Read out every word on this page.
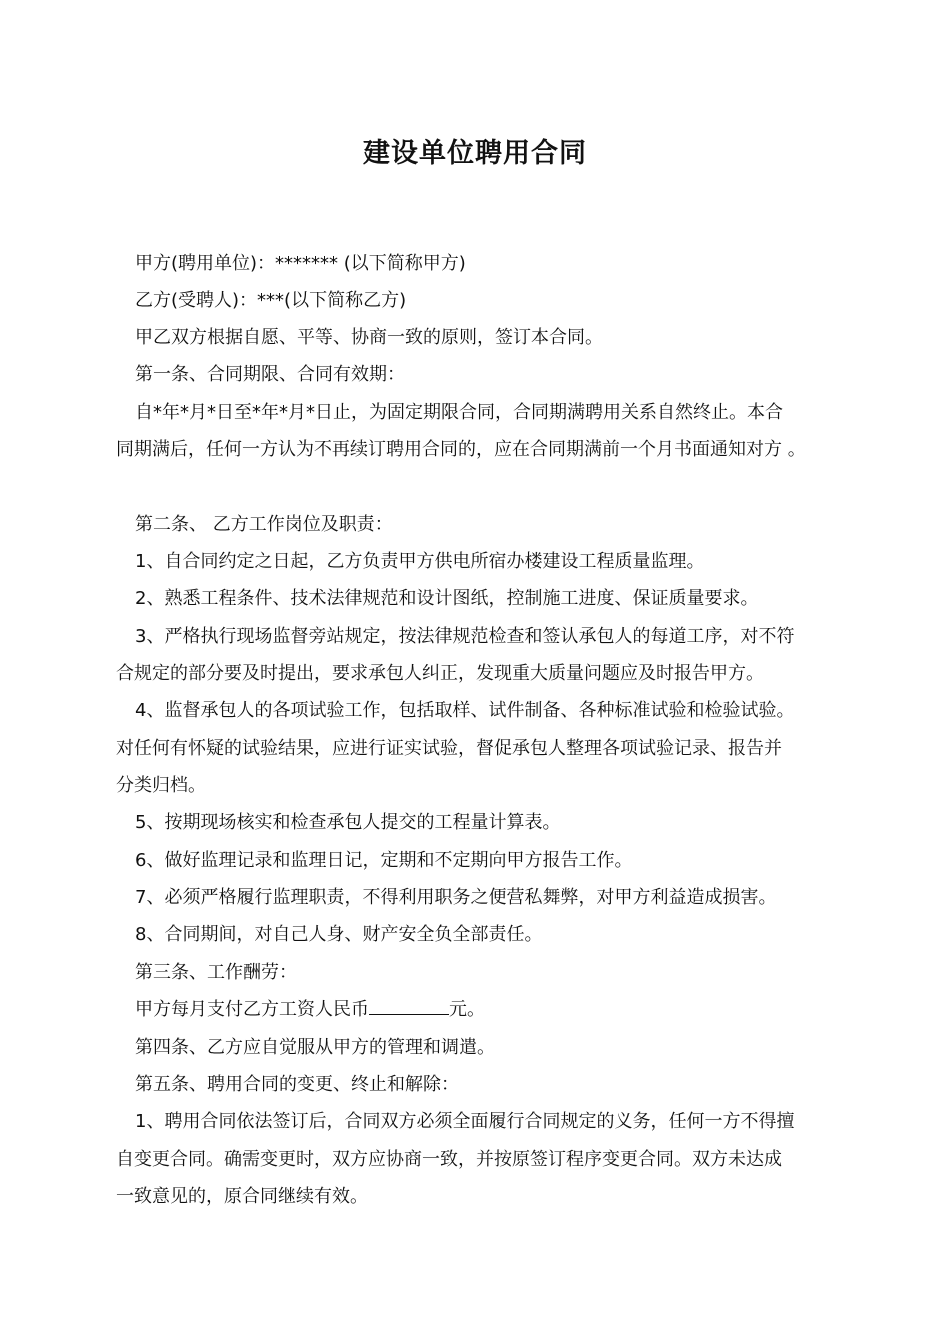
建设单位聘用合同
甲方(聘用单位)：******* (以下简称甲方)
乙方(受聘人)：***(以下简称乙方)
甲乙双方根据自愿、平等、协商一致的原则，签订本合同。
第一条、合同期限、合同有效期：
自*年*月*日至*年*月*日止，为固定期限合同，合同期满聘用关系自然终止。本合
同期满后，任何一方认为不再续订聘用合同的，应在合同期满前一个月书面通知对方 。
第二条、 乙方工作岗位及职责：
1、自合同约定之日起，乙方负责甲方供电所宿办楼建设工程质量监理。
2、熟悉工程条件、技术法律规范和设计图纸，控制施工进度、保证质量要求。
3、严格执行现场监督旁站规定，按法律规范检查和签认承包人的每道工序，对不符
合规定的部分要及时提出，要求承包人纠正，发现重大质量问题应及时报告甲方。
4、监督承包人的各项试验工作，包括取样、试件制备、各种标准试验和检验试验。
对任何有怀疑的试验结果，应进行证实试验，督促承包人整理各项试验记录、报告并
分类归档。
5、按期现场核实和检查承包人提交的工程量计算表。
6、做好监理记录和监理日记，定期和不定期向甲方报告工作。
7、必须严格履行监理职责，不得利用职务之便营私舞弊，对甲方利益造成损害。
8、合同期间，对自己人身、财产安全负全部责任。
第三条、工作酬劳：
甲方每月支付乙方工资人民币	元。
第四条、乙方应自觉服从甲方的管理和调遣。
第五条、聘用合同的变更、终止和解除：
1、聘用合同依法签订后，合同双方必须全面履行合同规定的义务，任何一方不得擅
自变更合同。确需变更时，双方应协商一致，并按原签订程序变更合同。双方未达成
一致意见的，原合同继续有效。
